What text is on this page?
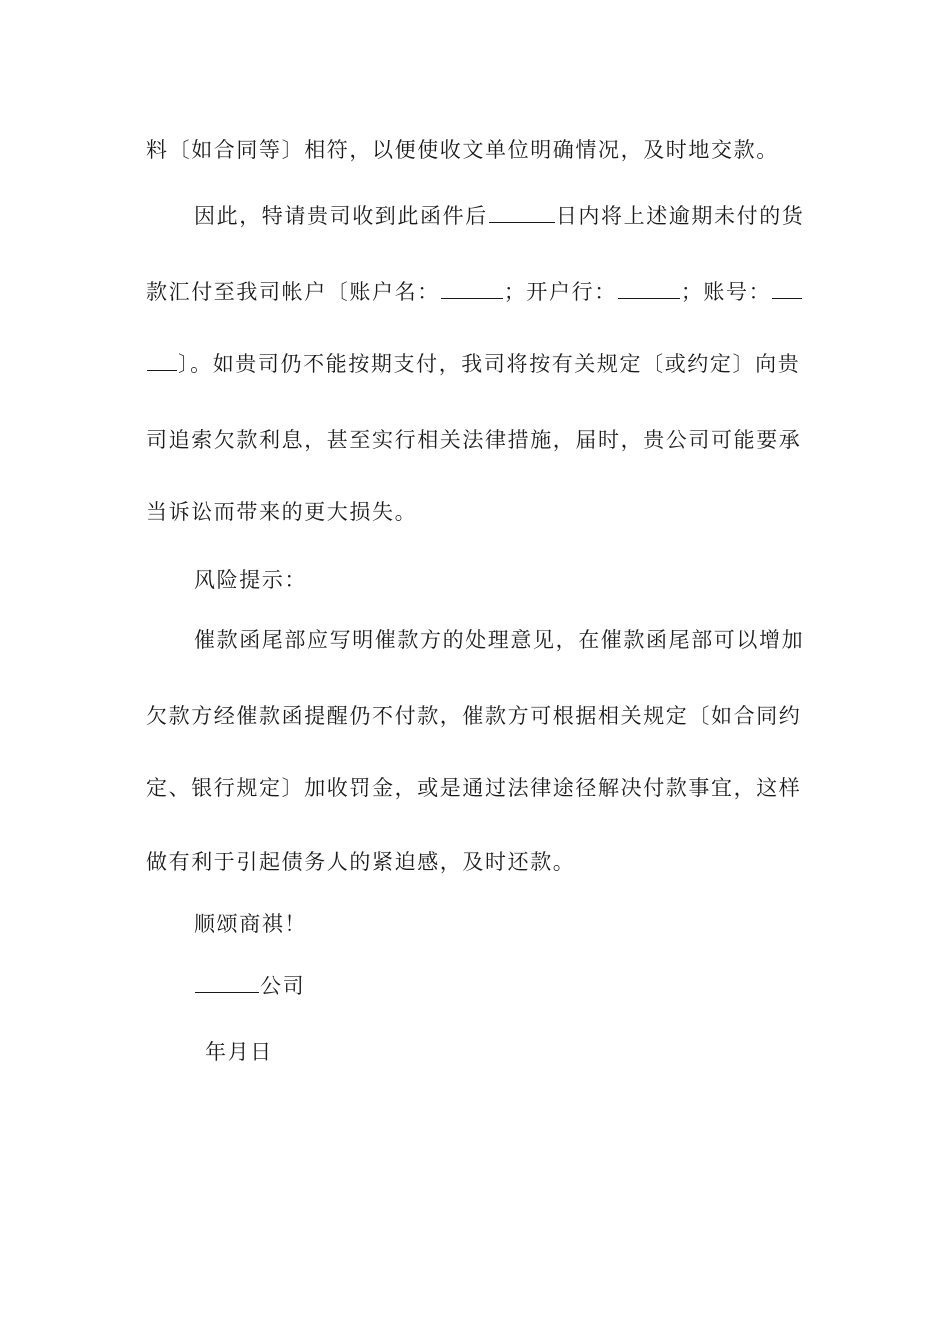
料〔如合同等〕相符，以便使收文单位明确情况，及时地交款。
因此，特请贵司收到此函件后	日内将上述逾期未付的货
款汇付至我司帐户〔账户名：	；开户行：	；账号：
〕。如贵司仍不能按期支付，我司将按有关规定〔或约定〕向贵
司追索欠款利息，甚至实行相关法律措施，届时，贵公司可能要承
当诉讼而带来的更大损失。
风险提示：
催款函尾部应写明催款方的处理意见，在催款函尾部可以增加
欠款方经催款函提醒仍不付款，催款方可根据相关规定〔如合同约
定、银行规定〕加收罚金，或是通过法律途径解决付款事宜，这样
做有利于引起债务人的紧迫感，及时还款。
顺颂商祺！
公司
年月日
